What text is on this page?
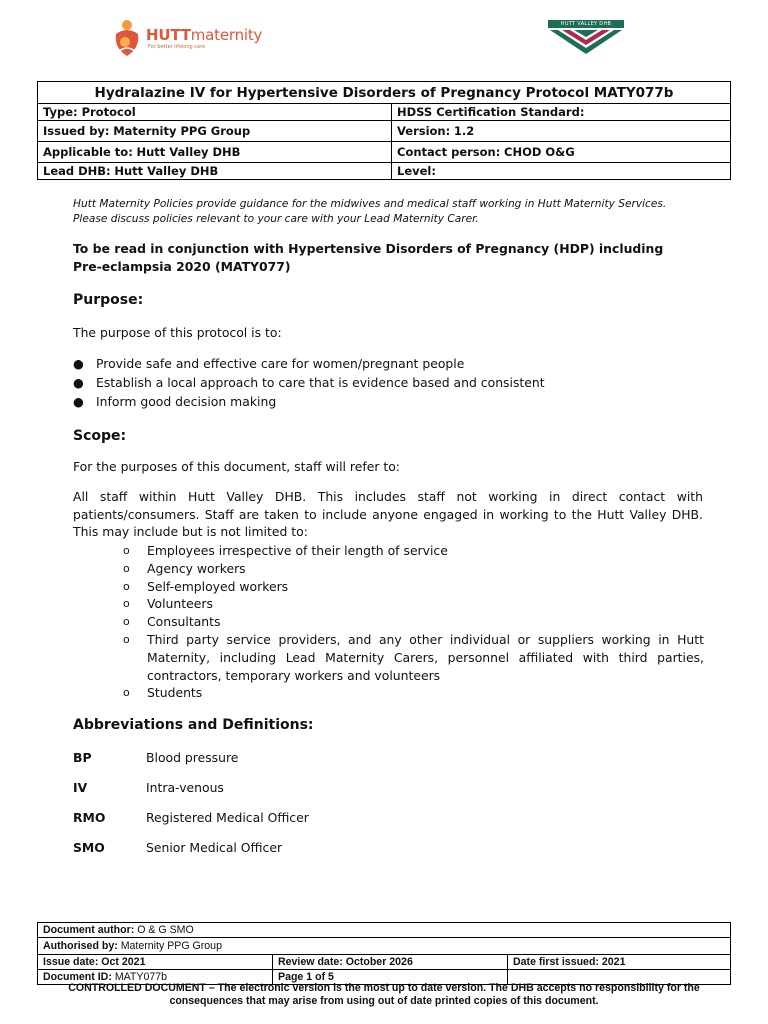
HUTTmaternity
For better lifelong care
HUTT VALLEY DHB
Hydralazine IV for Hypertensive Disorders of Pregnancy Protocol MATY077b	
Type: Protocol	HDSS Certification Standard:
Issued by: Maternity PPG Group	Version: 1.2
Applicable to: Hutt Valley DHB	Contact person: CHOD O&G
Lead DHB: Hutt Valley DHB	Level:
Hutt Maternity Policies provide guidance for the midwives and medical staff working in Hutt Maternity Services. Please discuss policies relevant to your care with your Lead Maternity Carer.
To be read in conjunction with Hypertensive Disorders of Pregnancy (HDP) including Pre-eclampsia 2020 (MATY077)
Purpose:
The purpose of this protocol is to:
● Provide safe and effective care for women/pregnant people
● Establish a local approach to care that is evidence based and consistent
● Inform good decision making
Scope:
For the purposes of this document, staff will refer to:
All staff within Hutt Valley DHB. This includes staff not working in direct contact with patients/consumers. Staff are taken to include anyone engaged in working to the Hutt Valley DHB. This may include but is not limited to:
o Employees irrespective of their length of service
o Agency workers
o Self-employed workers
o Volunteers
o Consultants
o Third party service providers, and any other individual or suppliers working in Hutt Maternity, including Lead Maternity Carers, personnel affiliated with third parties, contractors, temporary workers and volunteers
o Students
Abbreviations and Definitions:
BP	Blood pressure
IV	Intra-venous
RMO	Registered Medical Officer
SMO	Senior Medical Officer
Document author: O & G SMO		
Authorised by: Maternity PPG Group		
Issue date: Oct 2021	Review date: October 2026	Date first issued: 2021
Document ID: MATY077b	Page 1 of 5	
CONTROLLED DOCUMENT – The electronic version is the most up to date version. The DHB accepts no responsibility for the consequences that may arise from using out of date printed copies of this document.
